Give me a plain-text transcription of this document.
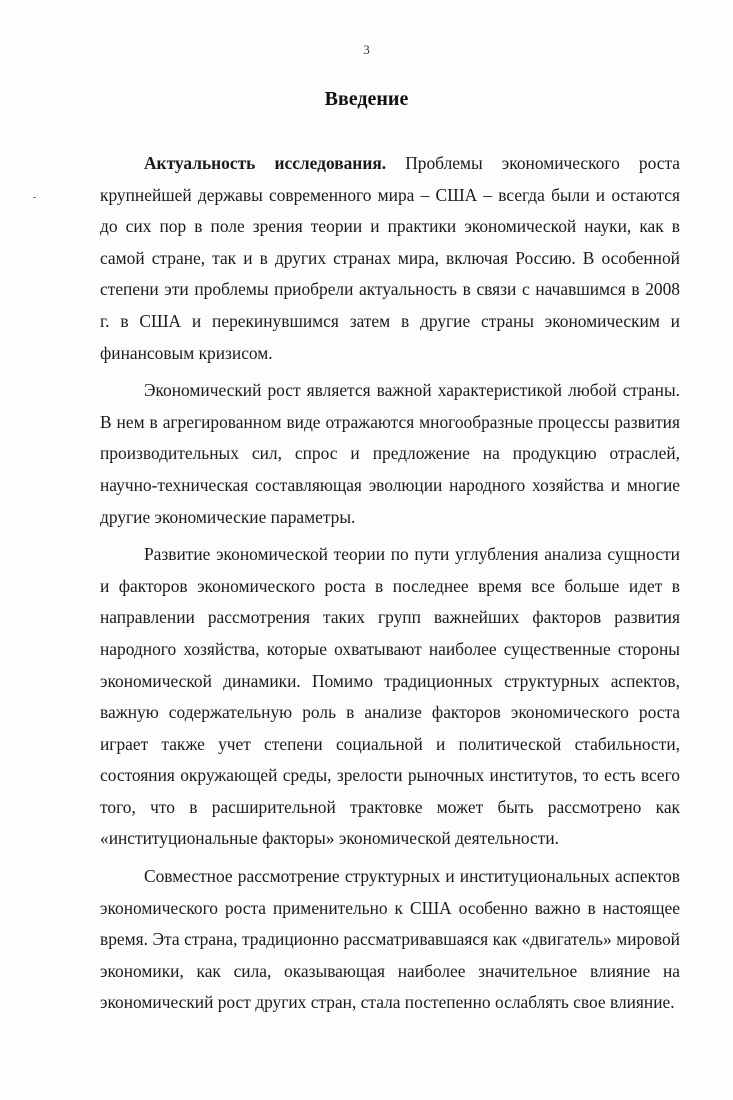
3
Введение

Актуальность исследования. Проблемы экономического роста крупнейшей державы современного мира – США – всегда были и остаются до сих пор в поле зрения теории и практики экономической науки, как в самой стране, так и в других странах мира, включая Россию. В особенной степени эти проблемы приобрели актуальность в связи с начавшимся в 2008 г. в США и перекинувшимся затем в другие страны экономическим и финансовым кризисом.

Экономический рост является важной характеристикой любой страны. В нем в агрегированном виде отражаются многообразные процессы развития производительных сил, спрос и предложение на продукцию отраслей, научно-техническая составляющая эволюции народного хозяйства и многие другие экономические параметры.

Развитие экономической теории по пути углубления анализа сущности и факторов экономического роста в последнее время все больше идет в направлении рассмотрения таких групп важнейших факторов развития народного хозяйства, которые охватывают наиболее существенные стороны экономической динамики. Помимо традиционных структурных аспектов, важную содержательную роль в анализе факторов экономического роста играет также учет степени социальной и политической стабильности, состояния окружающей среды, зрелости рыночных институтов, то есть всего того, что в расширительной трактовке может быть рассмотрено как «институциональные факторы» экономической деятельности.

Совместное рассмотрение структурных и институциональных аспектов экономического роста применительно к США особенно важно в настоящее время. Эта страна, традиционно рассматривавшаяся как «двигатель» мировой экономики, как сила, оказывающая наиболее значительное влияние на экономический рост других стран, стала постепенно ослаблять свое влияние.
